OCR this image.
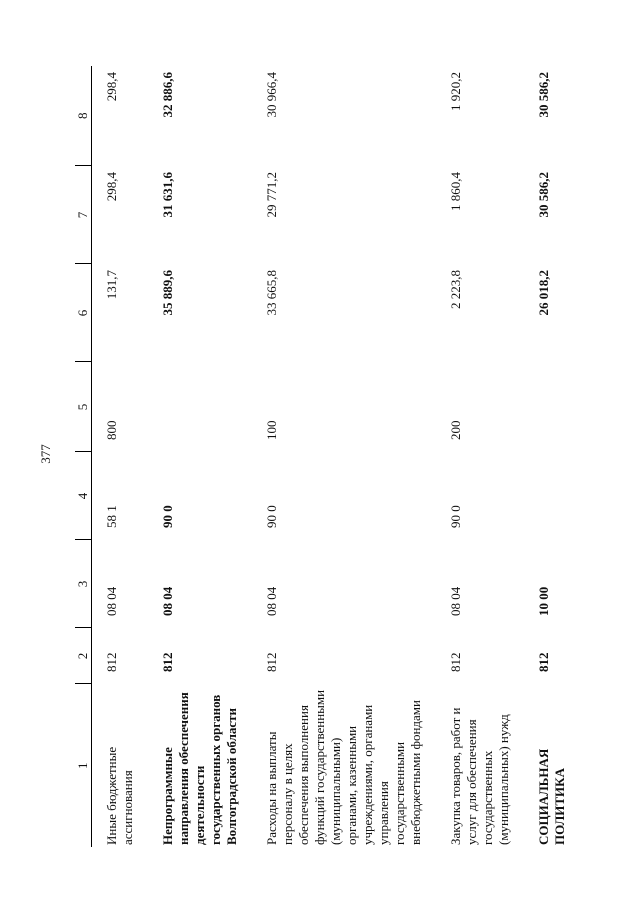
377
1	2	3	4	5	6	7	8
Иные бюджетные ассигнования	812	08 04	58 1	800	131,7	298,4	298,4
Непрограммные направления обеспечения деятельности государственных органов Волгоградской области	812	08 04	90 0		35 889,6	31 631,6	32 886,6
Расходы на выплаты персоналу в целях обеспечения выполнения функций государственными (муниципальными) органами, казенными учреждениями, органами управления государственными внебюджетными фондами	812	08 04	90 0	100	33 665,8	29 771,2	30 966,4
Закупка товаров, работ и услуг для обеспечения государственных (муниципальных) нужд	812	08 04	90 0	200	2 223,8	1 860,4	1 920,2
СОЦИАЛЬНАЯ ПОЛИТИКА	812	10 00			26 018,2	30 586,2	30 586,2
